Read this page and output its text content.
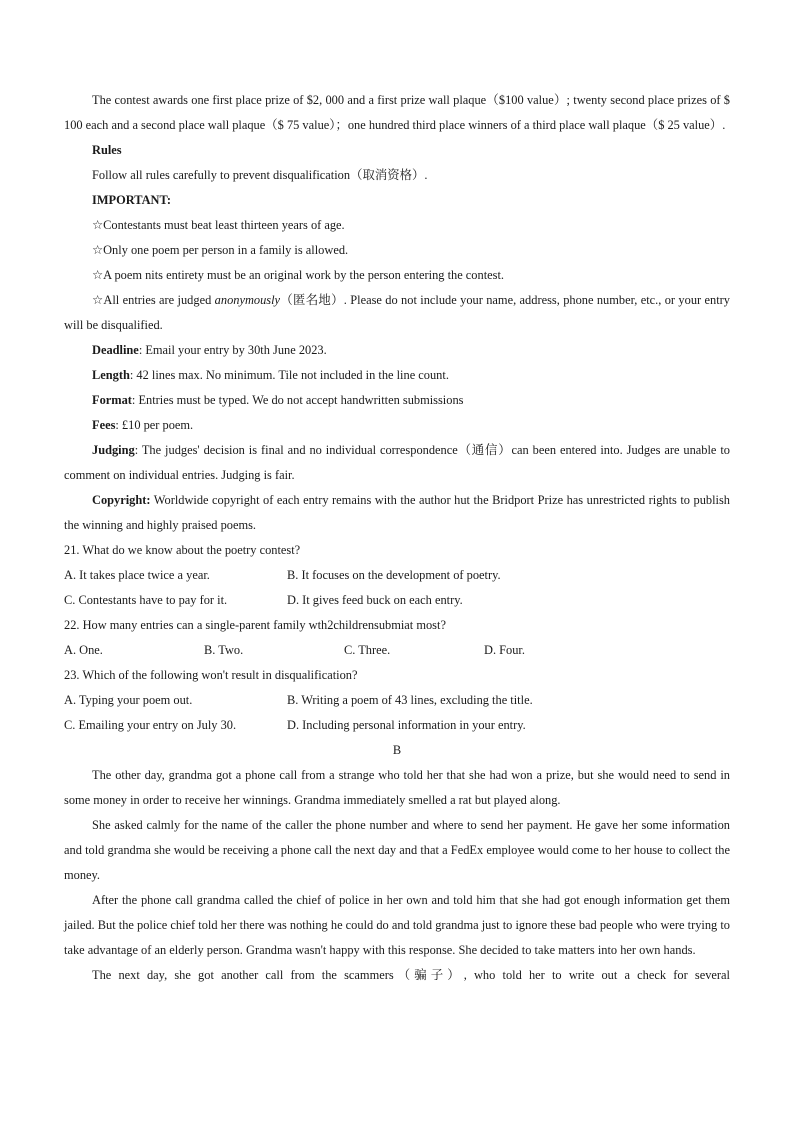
The contest awards one first place prize of $2, 000 and a first prize wall plaque（$100 value）; twenty second place prizes of $ 100 each and a second place wall plaque（$ 75 value）；one hundred third place winners of a third place wall plaque（$ 25 value）.

Rules

Follow all rules carefully to prevent disqualification（取消资格）.

IMPORTANT:

☆Contestants must beat least thirteen years of age.

☆Only one poem per person in a family is allowed.

☆A poem nits entirety must be an original work by the person entering the contest.

☆All entries are judged anonymously（匿名地）. Please do not include your name, address, phone number, etc., or your entry will be disqualified.

Deadline: Email your entry by 30th June 2023.

Length: 42 lines max. No minimum. Tile not included in the line count.

Format: Entries must be typed. We do not accept handwritten submissions

Fees: £10 per poem.

Judging: The judges' decision is final and no individual correspondence（通信）can been entered into. Judges are unable to comment on individual entries. Judging is fair.

Copyright: Worldwide copyright of each entry remains with the author hut the Bridport Prize has unrestricted rights to publish the winning and highly praised poems.

21. What do we know about the poetry contest?

A. It takes place twice a year.	B. It focuses on the development of poetry.
C. Contestants have to pay for it.	D. It gives feed buck on each entry.

22. How many entries can a single-parent family wth2childrensubmiat most?

A. One.	B. Two.	C. Three.	D. Four.

23. Which of the following won't result in disqualification?

A. Typing your poem out.	B. Writing a poem of 43 lines, excluding the title.
C. Emailing your entry on July 30.	D. Including personal information in your entry.

B

The other day, grandma got a phone call from a strange who told her that she had won a prize, but she would need to send in some money in order to receive her winnings. Grandma immediately smelled a rat but played along.

She asked calmly for the name of the caller the phone number and where to send her payment. He gave her some information and told grandma she would be receiving a phone call the next day and that a FedEx employee would come to her house to collect the money.

After the phone call grandma called the chief of police in her own and told him that she had got enough information get them jailed. But the police chief told her there was nothing he could do and told grandma just to ignore these bad people who were trying to take advantage of an elderly person. Grandma wasn't happy with this response. She decided to take matters into her own hands.

The next day, she got another call from the scammers（骗子）, who told her to write out a check for several
